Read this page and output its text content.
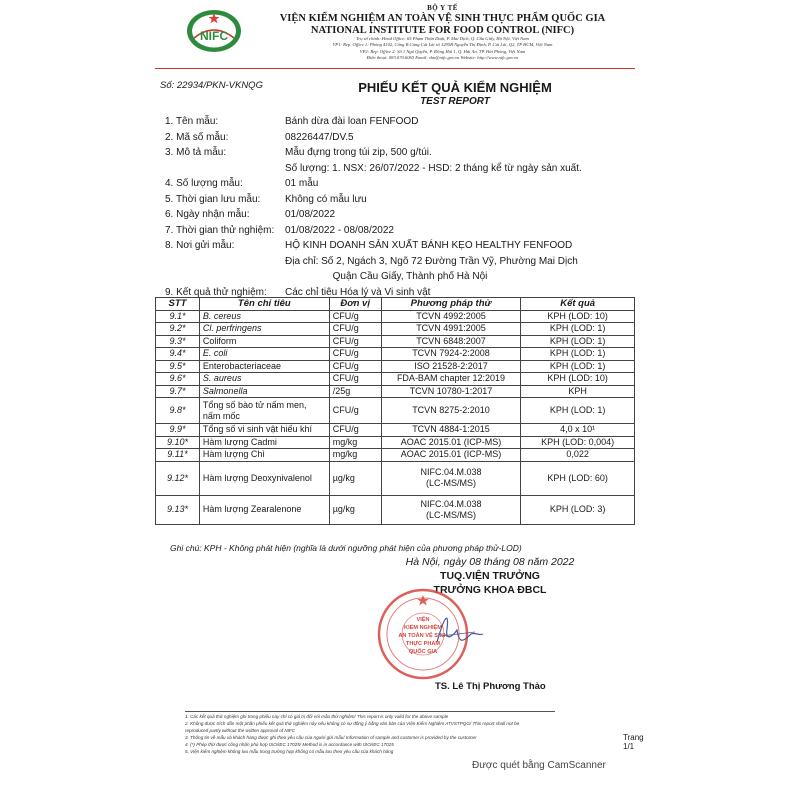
NIFC
BỘ Y TẾ
VIỆN KIỂM NGHIỆM AN TOÀN VỆ SINH THỰC PHẨM QUỐC GIA
NATIONAL INSTITUTE FOR FOOD CONTROL (NIFC)
Trụ sở chính: Head Office: 65 Phạm Thận Duật, P. Mai Dịch, Q. Cầu Giấy, Hà Nội, Việt Nam
VP1: Rep. Office 1: Phòng 4102, Cổng B Càng Cát Lái số 1295B Nguyễn Thị Định, P. Cát Lái, Q2, TP HCM, Việt Nam
VP2: Rep. Office 2: Số 1 Ngô Quyền, P. Đông Hải 1, Q. Hải An, TP. Hải Phòng, Việt Nam
Điện thoại: 083.070.6065 Email: vkn@nifc.gov.vn Website: http://www.nifc.gov.vn
Số: 22934/PKN-VKNQG	PHIẾU KẾT QUẢ KIỂM NGHIỆM
TEST REPORT
1. Tên mẫu:	Bánh dừa đài loan FENFOOD
2. Mã số mẫu:	08226447/DV.5
3. Mô tả mẫu:	Mẫu đựng trong túi zip, 500 g/túi.
Số lượng: 1. NSX: 26/07/2022 - HSD: 2 tháng kể từ ngày sản xuất.
4. Số lượng mẫu:	01 mẫu
5. Thời gian lưu mẫu: Không có mẫu lưu
6. Ngày nhận mẫu:	01/08/2022
7. Thời gian thử nghiệm: 01/08/2022 - 08/08/2022
8. Nơi gửi mẫu:	HỘ KINH DOANH SẢN XUẤT BÁNH KẸO HEALTHY FENFOOD
Địa chỉ: Số 2, Ngách 3, Ngõ 72 Đường Trần Vỹ, Phường Mai Dịch
Quận Cầu Giấy, Thành phố Hà Nội
9. Kết quả thử nghiệm: Các chỉ tiêu Hóa lý và Vi sinh vật
STT	Tên chỉ tiêu	Đơn vị	Phương pháp thử	Kết quả
9.1*	B. cereus	CFU/g	TCVN 4992:2005	KPH (LOD: 10)
9.2*	Cl. perfringens	CFU/g	TCVN 4991:2005	KPH (LOD: 1)
9.3*	Coliform	CFU/g	TCVN 6848:2007	KPH (LOD: 1)
9.4*	E. coli	CFU/g	TCVN 7924-2:2008	KPH (LOD: 1)
9.5*	Enterobacteriaceae	CFU/g	ISO 21528-2:2017	KPH (LOD: 1)
9.6*	S. aureus	CFU/g	FDA-BAM chapter 12:2019	KPH (LOD: 10)
9.7*	Salmonella	/25g	TCVN 10780-1:2017	KPH
9.8*	Tổng số bào tử nấm men, nấm mốc	CFU/g	TCVN 8275-2:2010	KPH (LOD: 1)
9.9*	Tổng số vi sinh vật hiếu khí	CFU/g	TCVN 4884-1:2015	4,0 x 10¹
9.10*	Hàm lượng Cadmi	mg/kg	AOAC 2015.01 (ICP-MS)	KPH (LOD: 0,004)
9.11*	Hàm lượng Chì	mg/kg	AOAC 2015.01 (ICP-MS)	0,022
9.12*	Hàm lượng Deoxynivalenol	µg/kg	NIFC.04.M.038
(LC-MS/MS)	KPH (LOD: 60)
9.13*	Hàm lượng Zearalenone	µg/kg	NIFC.04.M.038
(LC-MS/MS)	KPH (LOD: 3)
Ghi chú: KPH - Không phát hiện (nghĩa là dưới ngưỡng phát hiện của phương pháp thử-LOD)
Hà Nội, ngày 08 tháng 08 năm 2022
TUQ.VIỆN TRƯỞNG
TRƯỞNG KHOA ĐBCL
VIỆN
KIỂM NGHIỆM
AN TOÀN VỆ SINH
THỰC PHẨM
QUỐC GIA
TS. Lê Thị Phương Thảo
1. Các kết quả thử nghiệm ghi trong phiếu này chỉ có giá trị đối với mẫu thử nghiệm/ This report is only valid for the above sample
2. Không được trích dẫn một phần phiếu kết quả thử nghiệm này nếu không có sự đồng ý bằng văn bản của Viện Kiểm Nghiệm ATVSTPQG/ This report shall not be
reproduced partly without the written approval of NIFC
3. Thông tin về mẫu và khách hàng được ghi theo yêu cầu của người gửi mẫu/ Information of sample and customer is provided by the customer
4. (*) Phép thử được công nhận phù hợp ISO/IEC 17025/ Method is in accordance with ISO/IEC 17025
5. Viện kiểm nghiệm không lưu mẫu trong trường hợp không có mẫu lưu theo yêu cầu của khách hàng
Trang 1/1
Được quét bằng CamScanner
